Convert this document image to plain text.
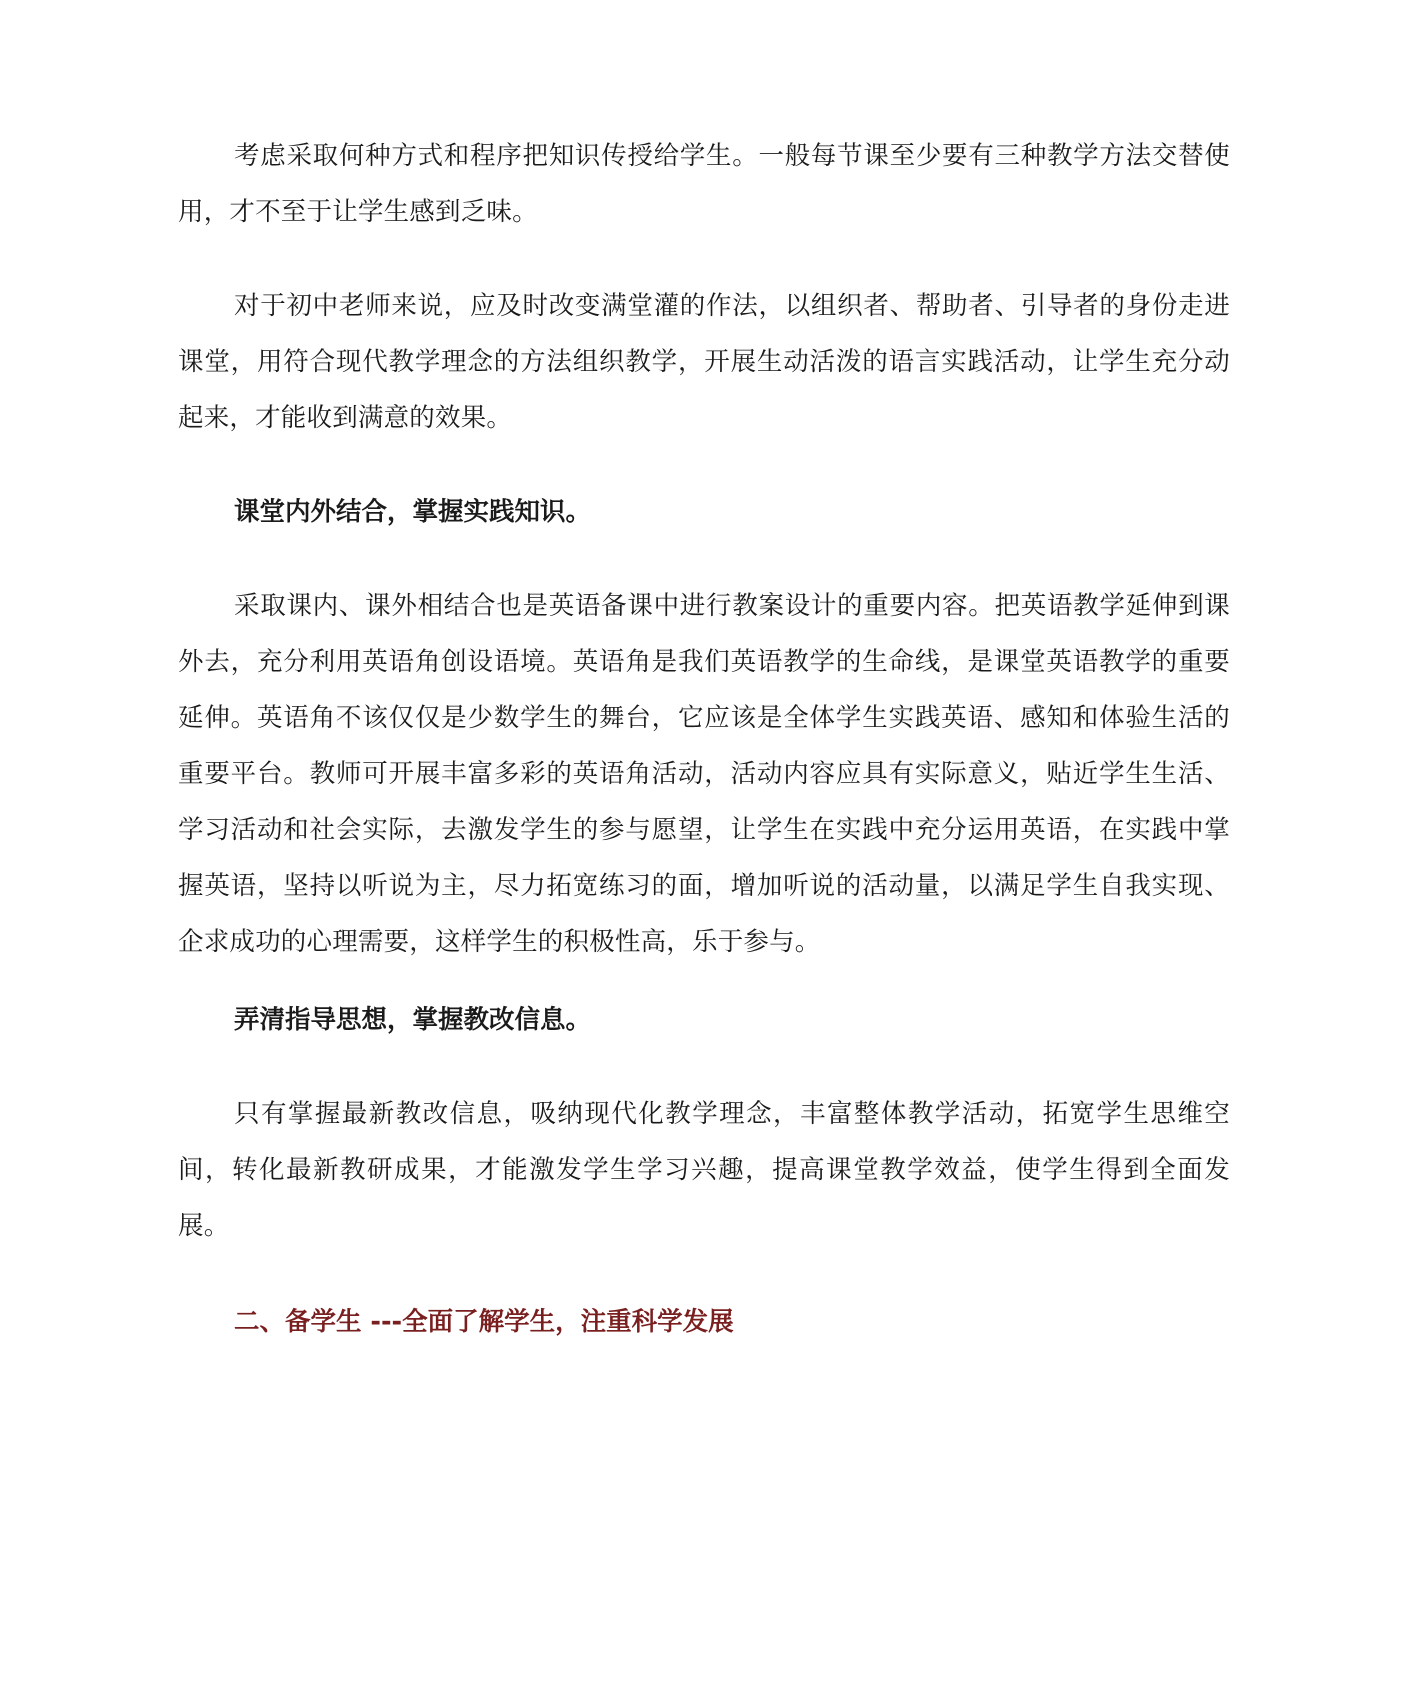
考虑采取何种方式和程序把知识传授给学生。一般每节课至少要有三种教学方法交替使用，才不至于让学生感到乏味。

对于初中老师来说，应及时改变满堂灌的作法，以组织者、帮助者、引导者的身份走进课堂，用符合现代教学理念的方法组织教学，开展生动活泼的语言实践活动，让学生充分动起来，才能收到满意的效果。

课堂内外结合，掌握实践知识。

采取课内、课外相结合也是英语备课中进行教案设计的重要内容。把英语教学延伸到课外去，充分利用英语角创设语境。英语角是我们英语教学的生命线，是课堂英语教学的重要延伸。英语角不该仅仅是少数学生的舞台，它应该是全体学生实践英语、感知和体验生活的重要平台。教师可开展丰富多彩的英语角活动，活动内容应具有实际意义，贴近学生生活、学习活动和社会实际，去激发学生的参与愿望，让学生在实践中充分运用英语，在实践中掌握英语，坚持以听说为主，尽力拓宽练习的面，增加听说的活动量，以满足学生自我实现、企求成功的心理需要，这样学生的积极性高，乐于参与。

弄清指导思想，掌握教改信息。

只有掌握最新教改信息，吸纳现代化教学理念，丰富整体教学活动，拓宽学生思维空间，转化最新教研成果，才能激发学生学习兴趣，提高课堂教学效益，使学生得到全面发展。

二、备学生 ---全面了解学生，注重科学发展
